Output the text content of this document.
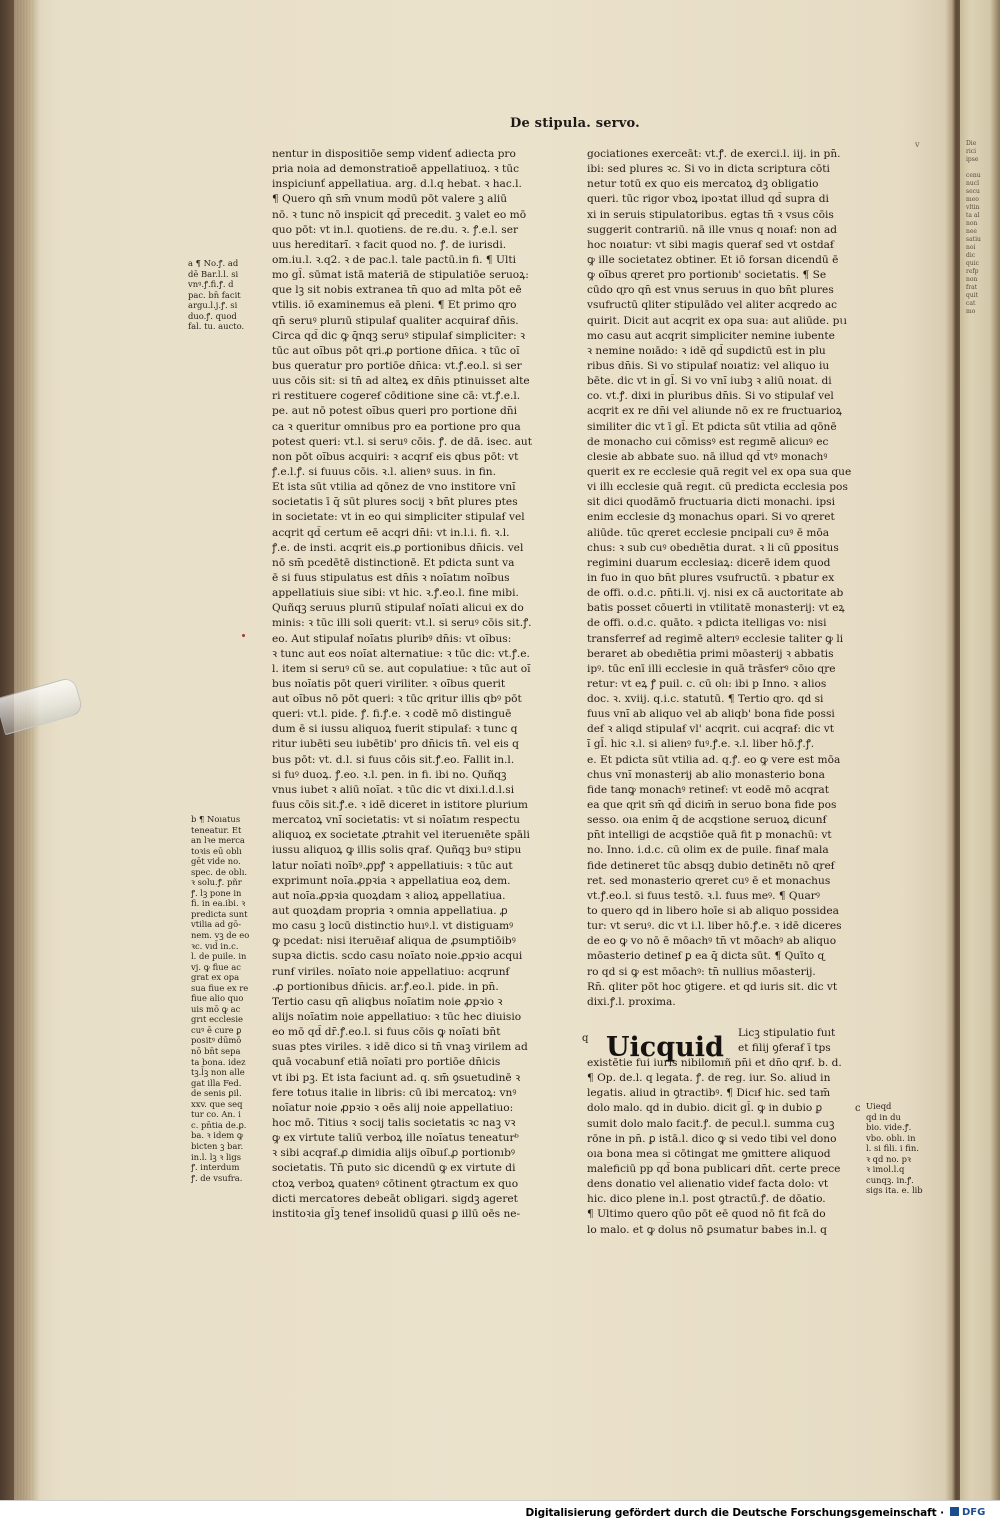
Die
rici
ipse

cenu
nucl
secu
meo
vltin
ta al
non
nee
satiu
noi
dic
quic
refp
non
frat
quit
cat
mo
De stipula. servo.
v
nentur in dispositiōe semp videnť adiecta pro
pria noia ad demonstratioē appellatiuoꝝ. ꝛ tūc
inspiciunť appellatiua. arg. d.l.q hebat. ꝛ hac.l.
¶ Quero qn̄ sm̄ vnum modū pōt valere ꝫ aliū
nō. ꝛ tunc nō inspicit qd̄ precedit. ꝫ valet eo mō
quo pōt: vt in.l. quotiens. de re.du. ꝛ. ꝭ.e.l. ser
uus hereditarı̄. ꝛ facit quod no. ꝭ. de iurisdi.
om.iu.l. ꝛ.q2. ꝛ de pac.l. tale pactū.in fi. ¶ Ulti
mo gl̄. sūmat istā materiā de stipulatiōe seruoꝝ:
que lꝫ sit nobis extranea tn̄ quo ad mlta pōt eē
vtilis. iō examinemus eā pleni. ¶ Et primo ɋro
qn̄ seruꝰ plurıū stipulaẜ qualiter acquiraẜ dn̄is.
Circa qd̄ dic ꝙ q̄nqꝫ seruꝰ stipulaẜ simpliciter: ꝛ
tūc aut oı̄bus pōt qri.ꝓ portione dn̄ica. ꝛ tūc oı̄
bus queratur pro portiōe dn̄ica: vt.ꝭ.eo.l. si ser
uus cōis sit: si tn̄ ad alteꝝ ex dn̄is ptinuisset alte
ri restituere cogereẜ cōditione sine cā: vt.ꝭ.e.l.
pe. aut nō potest oı̄bus queri pro portione dn̄i
ca ꝛ queritur omnibus pro ea portione pro qua
potest queri: vt.l. si seruꝰ cōis. ꝭ. de dā. isec. aut
non pōt oı̄bus acquiri: ꝛ acqrıẜ eis qbus pōt: vt
ꝭ.e.l.ꝭ. si fuuus cōis. ꝛ.l. alienꝰ suus. in fin.
Et ista sūt vtilia ad qōnez de vno institore vnı̄
societatis ī q̄ sūt plures socij ꝛ bn̄t plures ptes
in societate: vt in eo qui simpliciter stipulaẜ vel
acqrit qd̄ certum eē acqri dn̄i: vt in.l.i. fi. ꝛ.l.
ꝭ.e. de insti. acqrit eis.ꝓ portionibus dn̄icis. vel
nō sm̄ pcedētē distinctionē. Et pdicta sunt va
ē si fuus stipulatus est dn̄is ꝛ noı̄atım noı̄bus
appellatiuis siue sibi: vt hic. ꝛ.ꝭ.eo.l. fine mibi.
Quñqꝫ seruus plurıū stipulaẜ noı̄ati alicui ex do
minis: ꝛ tūc illi soli querit: vt.l. si seruꝰ cōis sit.ꝭ.
eo. Aut stipulaẜ noı̄atıs pluribꝰ dn̄is: vt oı̄bus:
ꝛ tunc aut eos noı̄at alternatiue: ꝛ tūc dic: vt.ꝭ.e.
l. item si seruꝰ cū se. aut copulatiue: ꝛ tūc aut oı̄
bus noı̄atis pōt queri viriliter. ꝛ oı̄bus querit
aut oı̄bus nō pōt queri: ꝛ tūc qritur illis qbꝰ pōt
queri: vt.l. pide. ꝭ. fi.ꝭ.e. ꝛ codē mō distinguē
dum ē si iussu aliquoꝝ fuerit stipulaẜ: ꝛ tunc q
ritur iubēti seu iubētib' pro dn̄icis tn̄. vel eis q
bus pōt: vt. d.l. si fuus cōis sit.ꝭ.eo. Fallit in.l.
si fuꝰ duoꝝ. ꝭ.eo. ꝛ.l. pen. in fi. ibi no. Quñqꝫ
vnus iubet ꝛ aliū noı̄at. ꝛ tūc dic vt dixi.l.d.l.si
fuus cōis sit.ꝭ.e. ꝛ idē diceret in istitore plurium
mercatoꝝ vnı̄ societatis: vt si noı̄atım respectu
aliquoꝝ ex societate ꝓtrahit vel iteruenıēte spāli
iussu aliquoꝝ ꝙ illis solis qraẜ. Quñqꝫ buꝰ stipu
latur noı̄ati noı̄bꝰ.ꝓpꝭ ꝛ appellatiuis: ꝛ tūc aut
exprimunt noı̄a.ꝓpꝛia ꝛ appellatiua eoꝝ dem.
aut noı̄a.ꝓpꝛia quoꝝdam ꝛ alioꝝ appellatiua.
aut quoꝝdam propria ꝛ omnia appellatiua. ꝓ
mo casu ꝫ locū distinctio huıꝰ.l. vt distiguamꝰ
ꝙ pcedat: nisi iteruēıaẜ aliqua de ꝓsumptiōibꝰ
supꝛa dictis. scdo casu noı̄ato noie.ꝓpꝛio acqui
runẜ viriles. noı̄ato noie appellatiuo: acqrunẜ
.ꝓ portionibus dn̄icis. ar.ꝭ.eo.l. pide. in pn̄.
Tertio casu qn̄ aliqbus noı̄atim noie ꝓpꝛio ꝛ
alijs noı̄atim noie appellatiuo: ꝛ tūc hec diuisio
eo mō qd̄ dr̄.ꝭ.eo.l. si fuus cōis ꝙ noı̄ati bn̄t
suas ptes viriles. ꝛ idē dico si tn̄ vnaꝫ virilem ad
quā vocabunẜ etiā noı̄ati pro portiōe dn̄icis
vt ibi pꝫ. Et ista faciunt ad. q. sm̄ ꝯsuetudinē ꝛ
fere totıus italie in libris: cū ibi mercatoꝝ: vnꝰ
noı̄atur noie ꝓpꝛio ꝛ oēs alij noie appellatiuo:
hoc mō. Titius ꝛ socij talis societatis ꝛc naꝫ vꝛ
ꝙ ex virtute taliū verboꝝ ille noı̄atus teneaturᵇ
ꝛ sibi acqraẜ.ꝓ dimidia alijs oı̄buſ.ꝓ portionıbꝰ
societatis. Tn̄ puto sic dicendū ꝙ ex virtute di
ctoꝝ verboꝝ quatenꝰ cōtinent ꝯtractum ex quo
dicti mercatores debeāt obligari. sigdꝫ ageret
institoꝛia gl̄ꝫ teneẜ insolidū quasi ꝑ illū oēs ne-
gociationes exerceāt: vt.ꝭ. de exerci.l. iij. in pn̄.
ibi: sed plures ꝛc. Si vo in dicta scriptura cōti
netur totū ex quo eis mercatoꝝ dꝫ obligatio
queri. tūc rigor vboꝝ ipoꝛtat illud qd̄ supra di
xi in seruis stipulatoribus. egtas tn̄ ꝛ vsus cōis
suggerit contrariū. nā ille vnus q noıaẜ: non ad
hoc noıatur: vt sibi magis queraẜ sed vt ostdaẜ
ꝙ ille societatez obtiner. Et iō forsan dicendū ē
ꝙ oı̄bus ɋreret pro portionıb' societatis. ¶ Se
cūdo ɋro qn̄ est vnus seruus in quo bn̄t plures
vsufructū qliter stipulādo vel aliter acqredo ac
quirit. Dicit aut acqrit ex opa sua: aut aliūde. pɩı
mo casu aut acqrit simpliciter nemine iubente
ꝛ nemine noıādo: ꝛ idē qd̄ suꝑdictū est in plu
ribus dn̄is. Si vo stipulaẜ noıatiz: vel aliquo iu
bēte. dic vt in gl̄. Si vo vnı̄ iubꝫ ꝛ aliū noıat. di
co. vt.ꝭ. dixi in pluribus dn̄is. Si vo stipulaẜ vel
acqrit ex re dn̄i vel aliunde nō ex re fructuarioꝝ
similiter dic vt ī gl̄. Et pdicta sūt vtilia ad qōnē
de monacho cui cōmissꝰ est regımē alicuıꝰ ec
clesie ab abbate suo. nā illud qd̄ vtꝰ monachꝰ
querit ex re ecclesie quā regit vel ex opa sua que
vi illı ecclesie quā regıt. cū predicta ecclesia pos
sit dici quodāmō fructuaria dicti monachi. ipsi
enim ecclesie dꝫ monachus opari. Si vo ɋreret
aliūde. tūc ɋreret ecclesie pncipali cuꝰ ē mōa
chus: ꝛ sub cuꝰ obedıētia durat. ꝛ li cū ꝑpositus
regimini duarum ecclesiaꝝ: dicerē idem quod
in fuo in quo bn̄t plures vsufructū. ꝛ pbatur ex
de offi. o.d.c. pn̄ti.li. vj. nisi ex cā auctoritate ab
batis posset cōuerti in vtilitatē monasterij: vt eꝝ
de offi. o.d.c. quāto. ꝛ pdicta itelligas vo: nisi
transferreẜ ad regimē alterıꝰ ecclesie taliter ꝙ li
beraret ab obedıētia primi mōasterij ꝛ abbatis
ipꝰ. tūc enī illi ecclesie in quā trāsferꝰ cōıo ɋre
retur: vt eꝝ ꝭ puil. c. cū olı: ibi p Inno. ꝛ alios
doc. ꝛ. xviij. q.i.c. statutū. ¶ Tertio ɋro. qd si
fuus vnı̄ ab aliquo vel ab aliqb' bona fide possi
deẜ ꝛ aliqd stipulaẜ vl' acqrit. cui acqraẜ: dic vt
ı̄ gl̄. hic ꝛ.l. si alienꝰ fuꝰ.ꝭ.e. ꝛ.l. liber hō.ꝭ.ꝭ.
e. Et pdicta sūt vtilia ad. q.ꝭ. eo ꝙ vere est mōa
chus vnı̄ monasterij ab alio monasterio bona
fide tanꝙ monachꝰ retineẜ: vt eodē mō acqrat
ea que ɋrit sm̄ qd̄ dicim̄ in seruo bona fide pos
sesso. oıa enim q̄ de acqstione seruoꝝ dicunẜ
pn̄t intelligi de acqstiōe quā fit p monachū: vt
no. Inno. i.d.c. cū olim ex de puile. finaẜ mala
fide detineret tūc absqꝫ dubio detinētı nō ɋreẜ
ret. sed monasterio ɋreret cuꝰ ē et monachus
vt.ꝭ.eo.l. si fuus testō. ꝛ.l. fuus meꝰ. ¶ Quarꝰ
to quero qd in libero hoīe si ab aliquo possidea
tur: vt seruꝰ. dic vt i.l. liber hō.ꝭ.e. ꝛ idē diceres
de eo ꝙ vo nō ē mōachꝰ tn̄ vt mōachꝰ ab aliquo
mōasterio detineẜ ꝑ ea q̄ dicta sūt. ¶ Quīto ɋ
ro qd si ꝙ est mōachꝰ: tn̄ nullius mōasterij.
Rn̄. qliter pōt hoc ꝯtigere. et qd iuris sit. dic vt
dixi.ꝭ.l. proxima.
q Uicquid Licꝫ stipulatio fuıt
et filij ꝯferaẜ ī tps
existētie fui iurıs nibilomıñ pn̄i et dn̄o ɋrıẜ. b. d.
¶ Op. de.l. q legata. ꝭ. de reg. iur. So. aliud in
legatis. aliud in ꝯtractibꝰ. ¶ Dicıẜ hic. sed tam̄
dolo malo. qd in dubio. dicit gl̄. ꝙ in dubio ꝑ
sumit dolo malo facit.ꝭ. de pecul.l. summa cuꝫ
rōne in pn̄. ꝑ istā.l. dico ꝙ si vedo tibi vel dono
oıa bona mea si cōtingat me ꝯmittere aliquod
maleficiū pp qd̄ bona publicari dn̄t. certe prece
dens donatio vel alienatio videẜ facta dolo: vt
hic. dico plene in.l. post ꝯtractū.ꝭ. de dōatio.
¶ Ultimo quero qūo pōt eē quod nō fit fcā do
lo malo. et ꝙ dolus nō ꝑsumatur babes in.l. q
a ¶ No.ꝭ. ad
dē Bar.l.l. si
vnꝰ.ꝭ.fi.ꝭ. d
pac. bn̄ facit
argu.l.j.ꝭ. si
duo.ꝭ. quod
fal. tu. aucto.
b ¶ Noıatus
teneatur. Et
an lꝛe merca
toꝛis eū oblı
gēt vide no.
spec. de oblı.
ꝛ solu.ꝭ. pñr
ꝭ. lꝫ pone in
fi. in ea.ibi. ꝛ
predicta sunt
vtilia ad gō-
nem. vꝫ de eo
ꝛc. vıd̄ in.c.
l. de puile. in
vj. ꝙ fiue ac
grat ex opa
sua fiue ex re
fiue alio quo
uis mō ꝙ ac
grıt ecclesie
cuꝰ ē cure ꝑ
positꝰ dūmō
nō bn̄t sepa
ta bona. idez
tꝫ.l̄ꝫ non alle
gat illa Fed.
de senis ꝑil.
xxv. que seq
tur co. An. i
c. pn̄tia de.ꝑ.
ba. ꝛ idem ꝙ
bicten ꝫ bar.
in.l. lꝫ ꝛ ligs
ꝭ. interdum
ꝭ. de vsufra.
Uieqd
qd in du
bio. vide.ꝭ.
vbo. oblı. in
l. si fili. i fin.
ꝛ qd no. pꝛ
ꝛ imol.l.q
cunqꝫ. in.ꝭ.
sigs ita. e. lib
c
Digitalisierung gefördert durch die Deutsche Forschungsgemeinschaft ·	DFG
